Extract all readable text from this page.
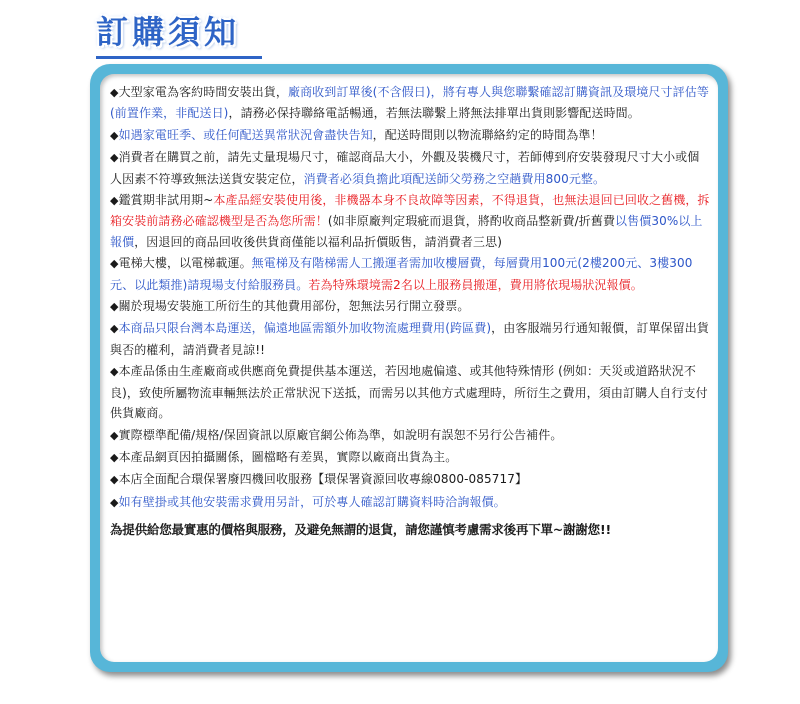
訂購須知
◆大型家電為客約時間安裝出貨，廠商收到訂單後(不含假日)，將有專人與您聯繫確認訂購資訊及環境尺寸評估等(前置作業，非配送日)，請務必保持聯絡電話暢通，若無法聯繫上將無法排單出貨則影響配送時間。
◆如遇家電旺季、或任何配送異常狀況會盡快告知，配送時間則以物流聯絡約定的時間為準！
◆消費者在購買之前，請先丈量現場尺寸，確認商品大小，外觀及裝機尺寸，若師傅到府安裝發現尺寸大小或個人因素不符導致無法送貨安裝定位，消費者必須負擔此項配送師父勞務之空趟費用800元整。
◆鑑賞期非試用期~本產品經安裝使用後，非機器本身不良故障等因素，不得退貨，也無法退回已回收之舊機，拆箱安裝前請務必確認機型是否為您所需！(如非原廠判定瑕疵而退貨，將酌收商品整新費/折舊費以售價30%以上報價，因退回的商品回收後供貨商僅能以福利品折價販售，請消費者三思)
◆電梯大樓，以電梯載運。無電梯及有階梯需人工搬運者需加收樓層費，每層費用100元(2樓200元、3樓300元、以此類推)請現場支付給服務員。若為特殊環境需2名以上服務員搬運，費用將依現場狀況報價。
◆關於現場安裝施工所衍生的其他費用部份，恕無法另行開立發票。
◆本商品只限台灣本島運送，偏遠地區需額外加收物流處理費用(跨區費)，由客服端另行通知報價，訂單保留出貨與否的權利，請消費者見諒!!
◆本產品係由生產廠商或供應商免費提供基本運送，若因地處偏遠、或其他特殊情形 (例如：天災或道路狀況不良)，致使所屬物流車輛無法於正常狀況下送抵，而需另以其他方式處理時，所衍生之費用，須由訂購人自行支付供貨廠商。
◆實際標準配備/規格/保固資訊以原廠官網公佈為準，如說明有誤恕不另行公告補件。
◆本產品網頁因拍攝關係，圖檔略有差異，實際以廠商出貨為主。
◆本店全面配合環保署廢四機回收服務【環保署資源回收專線0800-085717】
◆如有壁掛或其他安裝需求費用另計，可於專人確認訂購資料時洽詢報價。
為提供給您最實惠的價格與服務，及避免無謂的退貨，請您謹慎考慮需求後再下單~謝謝您!!
